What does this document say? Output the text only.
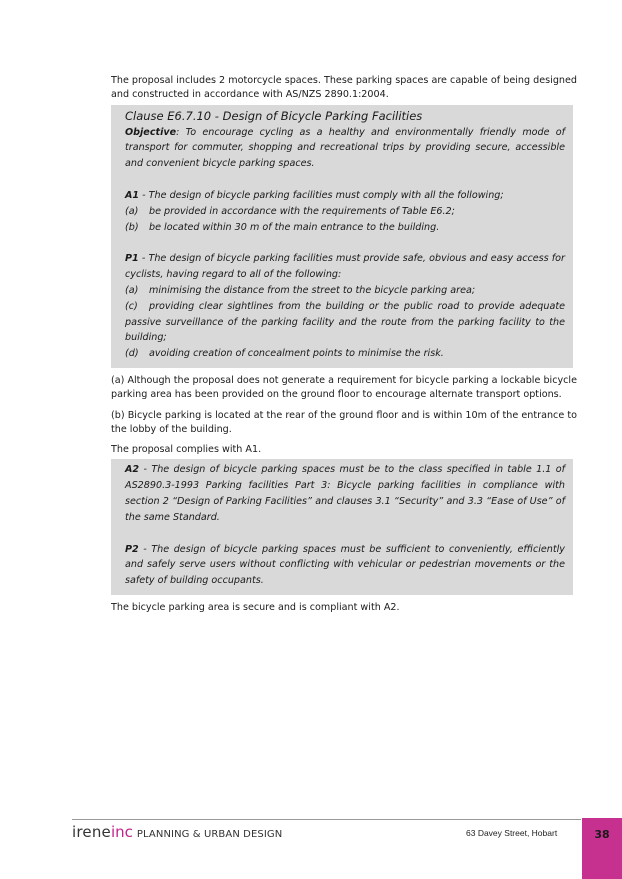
The proposal includes 2 motorcycle spaces. These parking spaces are capable of being designed and constructed in accordance with AS/NZS 2890.1:2004.

Clause E6.7.10 - Design of Bicycle Parking Facilities

Objective: To encourage cycling as a healthy and environmentally friendly mode of transport for commuter, shopping and recreational trips by providing secure, accessible and convenient bicycle parking spaces.

A1 - The design of bicycle parking facilities must comply with all the following;

(a) be provided in accordance with the requirements of Table E6.2;

(b) be located within 30 m of the main entrance to the building.

P1 - The design of bicycle parking facilities must provide safe, obvious and easy access for cyclists, having regard to all of the following:

(a) minimising the distance from the street to the bicycle parking area;

(c) providing clear sightlines from the building or the public road to provide adequate passive surveillance of the parking facility and the route from the parking facility to the building;

(d) avoiding creation of concealment points to minimise the risk.

(a) Although the proposal does not generate a requirement for bicycle parking a lockable bicycle parking area has been provided on the ground floor to encourage alternate transport options.

(b) Bicycle parking is located at the rear of the ground floor and is within 10m of the entrance to the lobby of the building.

The proposal complies with A1.

A2 - The design of bicycle parking spaces must be to the class specified in table 1.1 of AS2890.3-1993 Parking facilities Part 3: Bicycle parking facilities in compliance with section 2 “Design of Parking Facilities” and clauses 3.1 “Security” and 3.3 “Ease of Use” of the same Standard.

P2 - The design of bicycle parking spaces must be sufficient to conveniently, efficiently and safely serve users without conflicting with vehicular or pedestrian movements or the safety of building occupants.

The bicycle parking area is secure and is compliant with A2.

ireneinc PLANNING & URBAN DESIGN	63 Davey Street, Hobart	38
